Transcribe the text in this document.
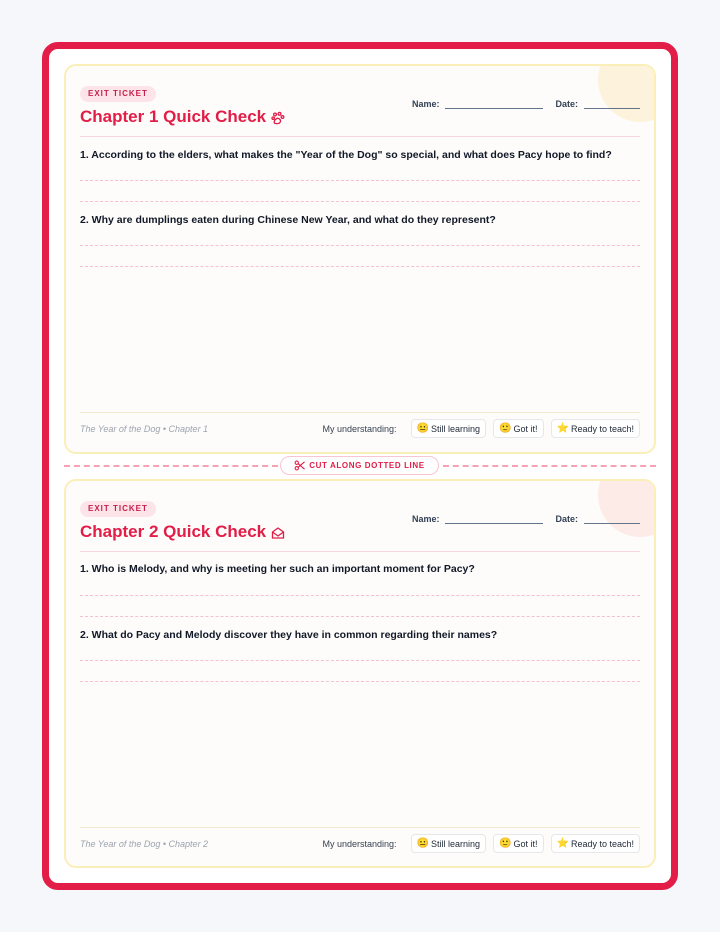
EXIT TICKET
Chapter 1 Quick Check
Name:	Date:
1. According to the elders, what makes the "Year of the Dog" so special, and what does Pacy hope to find?
2. Why are dumplings eaten during Chinese New Year, and what do they represent?
The Year of the Dog • Chapter 1	My understanding: 😐 Still learning 🙂 Got it! ⭐ Ready to teach!
CUT ALONG DOTTED LINE
EXIT TICKET
Chapter 2 Quick Check
Name:	Date:
1. Who is Melody, and why is meeting her such an important moment for Pacy?
2. What do Pacy and Melody discover they have in common regarding their names?
The Year of the Dog • Chapter 2	My understanding: 😐 Still learning 🙂 Got it! ⭐ Ready to teach!
